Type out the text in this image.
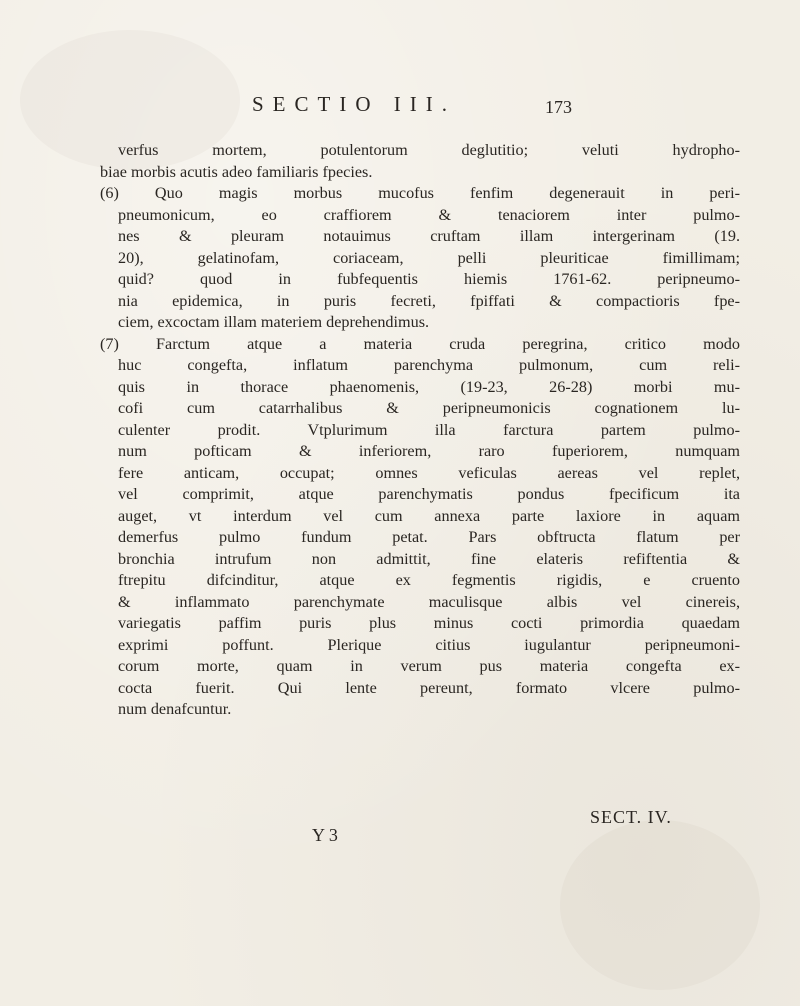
SECTIO III.	173
verfus mortem, potulentorum deglutitio; veluti hydropho-
biae morbis acutis adeo familiaris fpecies.
(6) Quo magis morbus mucofus fenfim degenerauit in peri-
pneumonicum, eo craffiorem & tenaciorem inter pulmo-
nes & pleuram notauimus cruftam illam intergerinam (19.
20), gelatinofam, coriaceam, pelli pleuriticae fimillimam;
quid? quod in fubfequentis hiemis 1761-62. peripneumo-
nia epidemica, in puris fecreti, fpiffati & compactioris fpe-
ciem, excoctam illam materiem deprehendimus.
(7) Farctum atque a materia cruda peregrina, critico modo
huc congefta, inflatum parenchyma pulmonum, cum reli-
quis in thorace phaenomenis, (19-23, 26-28) morbi mu-
cofi cum catarrhalibus & peripneumonicis cognationem lu-
culenter prodit. Vtplurimum illa farctura partem pulmo-
num pofticam & inferiorem, raro fuperiorem, numquam
fere anticam, occupat; omnes veficulas aereas vel replet,
vel comprimit, atque parenchymatis pondus fpecificum ita
auget, vt interdum vel cum annexa parte laxiore in aquam
demerfus pulmo fundum petat. Pars obftructa flatum per
bronchia intrufum non admittit, fine elateris refiftentia &
ftrepitu difcinditur, atque ex fegmentis rigidis, e cruento
& inflammato parenchymate maculisque albis vel cinereis,
variegatis paffim puris plus minus cocti primordia quaedam
exprimi poffunt. Plerique citius iugulantur peripneumoni-
corum morte, quam in verum pus materia congefta ex-
cocta fuerit. Qui lente pereunt, formato vlcere pulmo-
num denafcuntur.
Y 3
SECT. IV.
